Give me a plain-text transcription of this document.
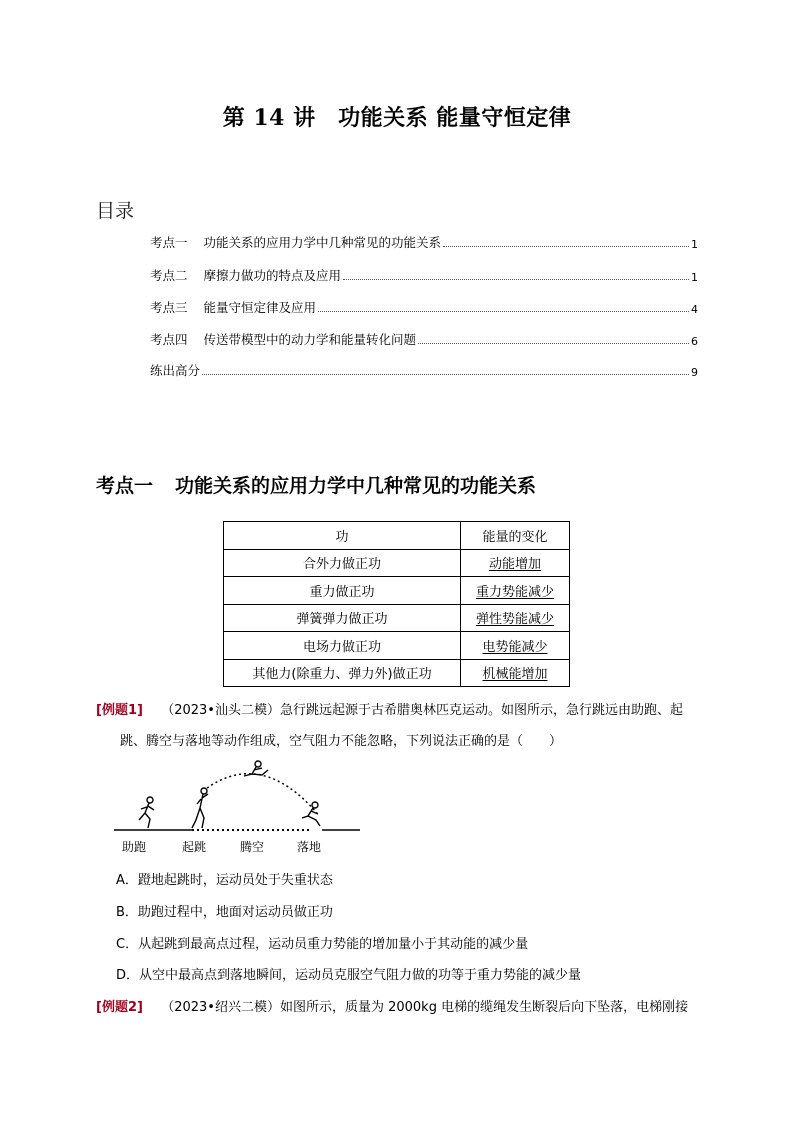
第 14 讲　功能关系 能量守恒定律
目录
考点一 功能关系的应用力学中几种常见的功能关系	1
考点二 摩擦力做功的特点及应用	1
考点三 能量守恒定律及应用	4
考点四 传送带模型中的动力学和能量转化问题	6
练出高分	9
考点一 功能关系的应用力学中几种常见的功能关系
功	能量的变化
合外力做正功	动能增加
重力做正功	重力势能减少
弹簧弹力做正功	弹性势能减少
电场力做正功	电势能减少
其他力(除重力、弹力外)做正功	机械能增加
[例题1] （2023•汕头二模）急行跳远起源于古希腊奥林匹克运动。如图所示，急行跳远由助跑、起
跳、腾空与落地等动作组成，空气阻力不能忽略，下列说法正确的是（　　）
助跑	起跳	腾空	落地
A．蹬地起跳时，运动员处于失重状态
B．助跑过程中，地面对运动员做正功
C．从起跳到最高点过程，运动员重力势能的增加量小于其动能的减少量
D．从空中最高点到落地瞬间，运动员克服空气阻力做的功等于重力势能的减少量
[例题2] （2023•绍兴二模）如图所示，质量为 2000kg 电梯的缆绳发生断裂后向下坠落，电梯刚接
